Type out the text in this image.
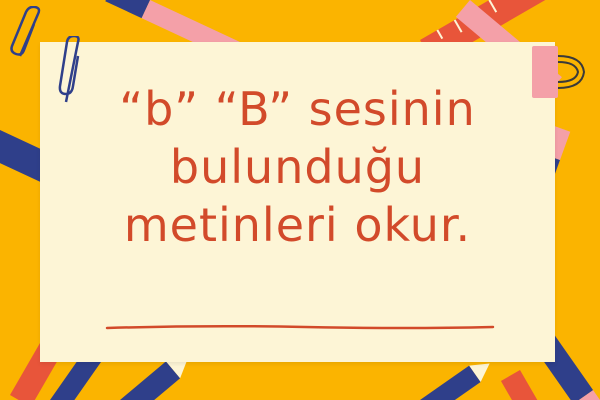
“b” “B” sesinin
bulunduğu
metinleri okur.
